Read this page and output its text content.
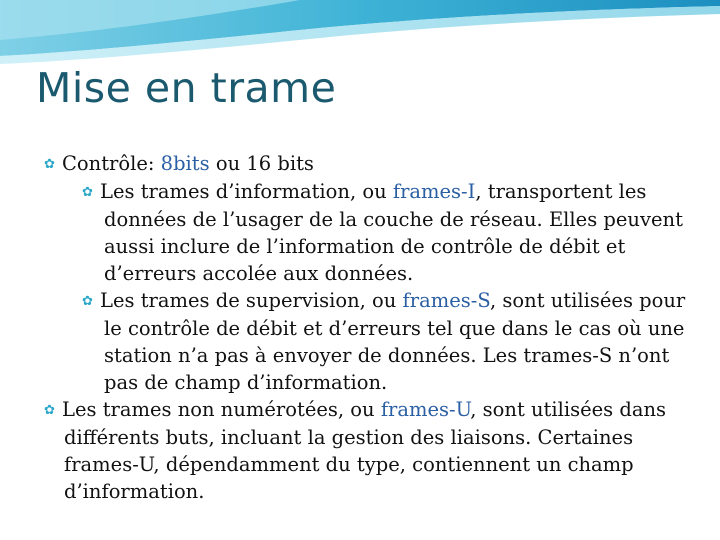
Mise en trame

✿ Contrôle: 8bits ou 16 bits

✿ Les trames d’information, ou frames-I, transportent les données de l’usager de la couche de réseau. Elles peuvent aussi inclure de l’information de contrôle de débit et d’erreurs accolée aux données.

✿ Les trames de supervision, ou frames-S, sont utilisées pour le contrôle de débit et d’erreurs tel que dans le cas où une station n’a pas à envoyer de données. Les trames-S n’ont pas de champ d’information.

✿ Les trames non numérotées, ou frames-U, sont utilisées dans différents buts, incluant la gestion des liaisons. Certaines frames-U, dépendamment du type, contiennent un champ d’information.
